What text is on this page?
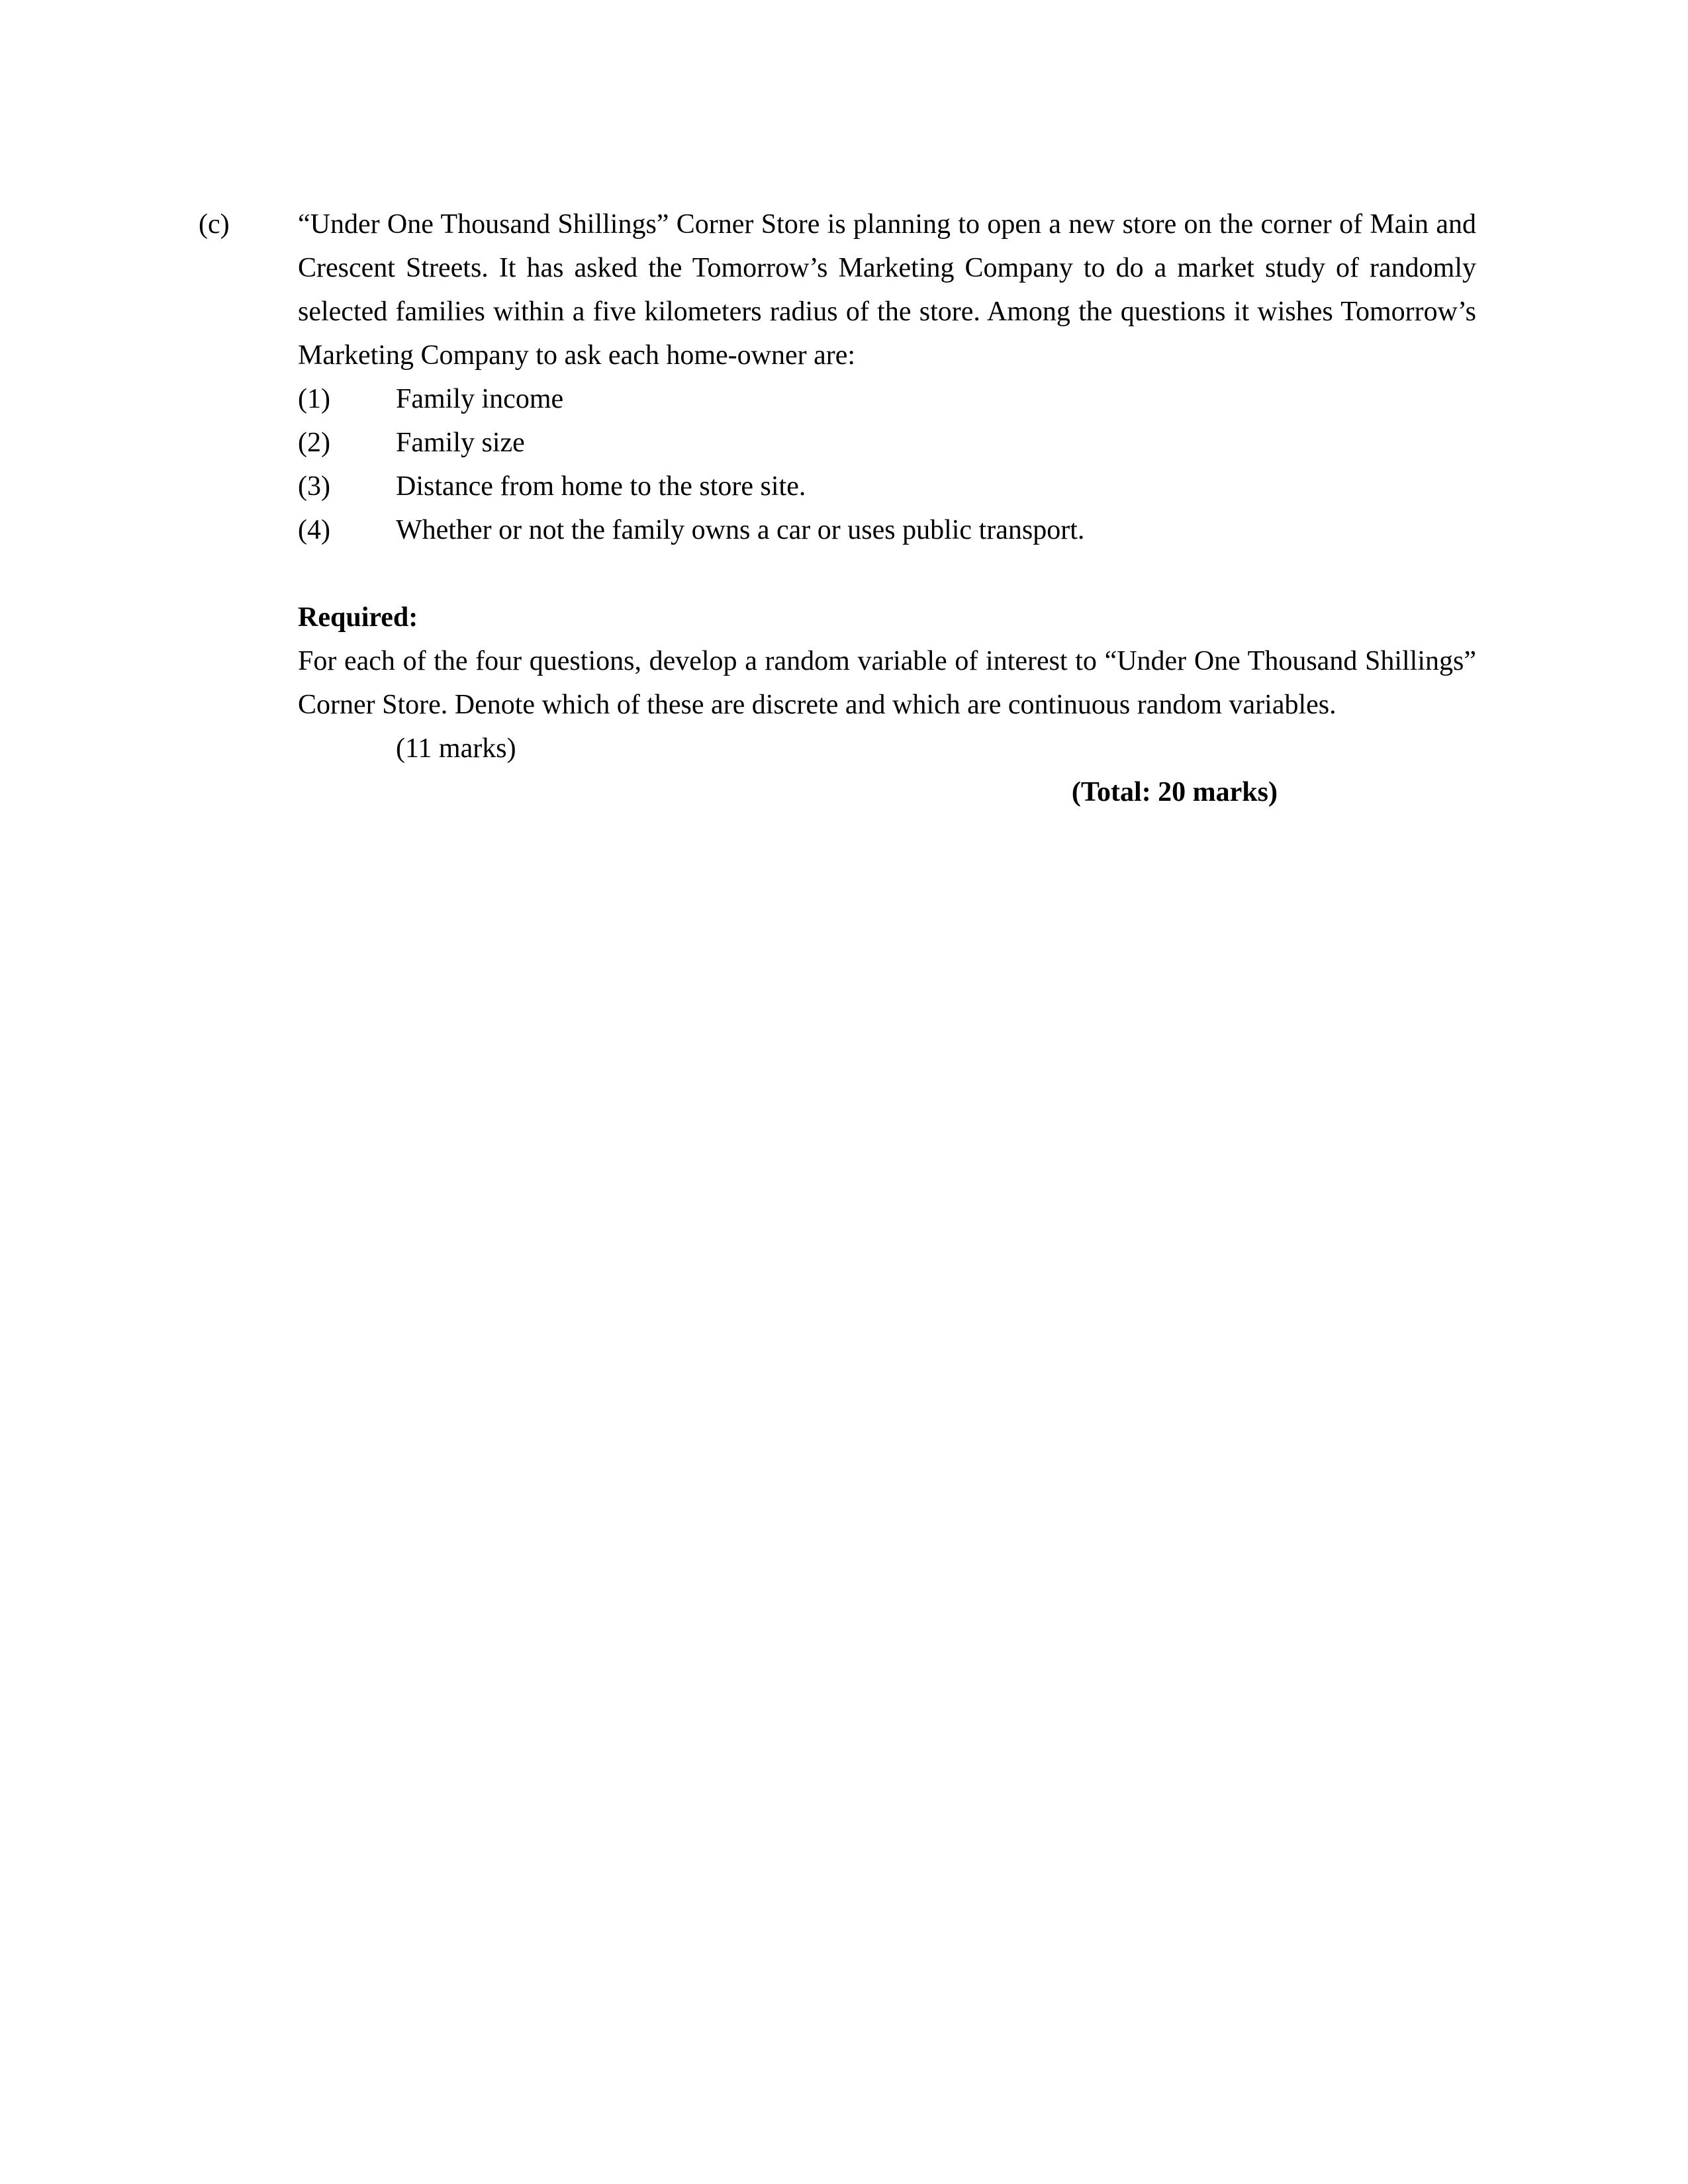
(c)	“Under One Thousand Shillings” Corner Store is planning to open a new store on the corner of Main and Crescent Streets. It has asked the Tomorrow’s Marketing Company to do a market study of randomly selected families within a five kilometers radius of the store. Among the questions it wishes Tomorrow’s Marketing Company to ask each home-owner are:

(1)	Family income
(2)	Family size
(3)	Distance from home to the store site.
(4)	Whether or not the family owns a car or uses public transport.

Required:

For each of the four questions, develop a random variable of interest to “Under One Thousand Shillings” Corner Store. Denote which of these are discrete and which are continuous random variables.

(11 marks)

(Total: 20 marks)
